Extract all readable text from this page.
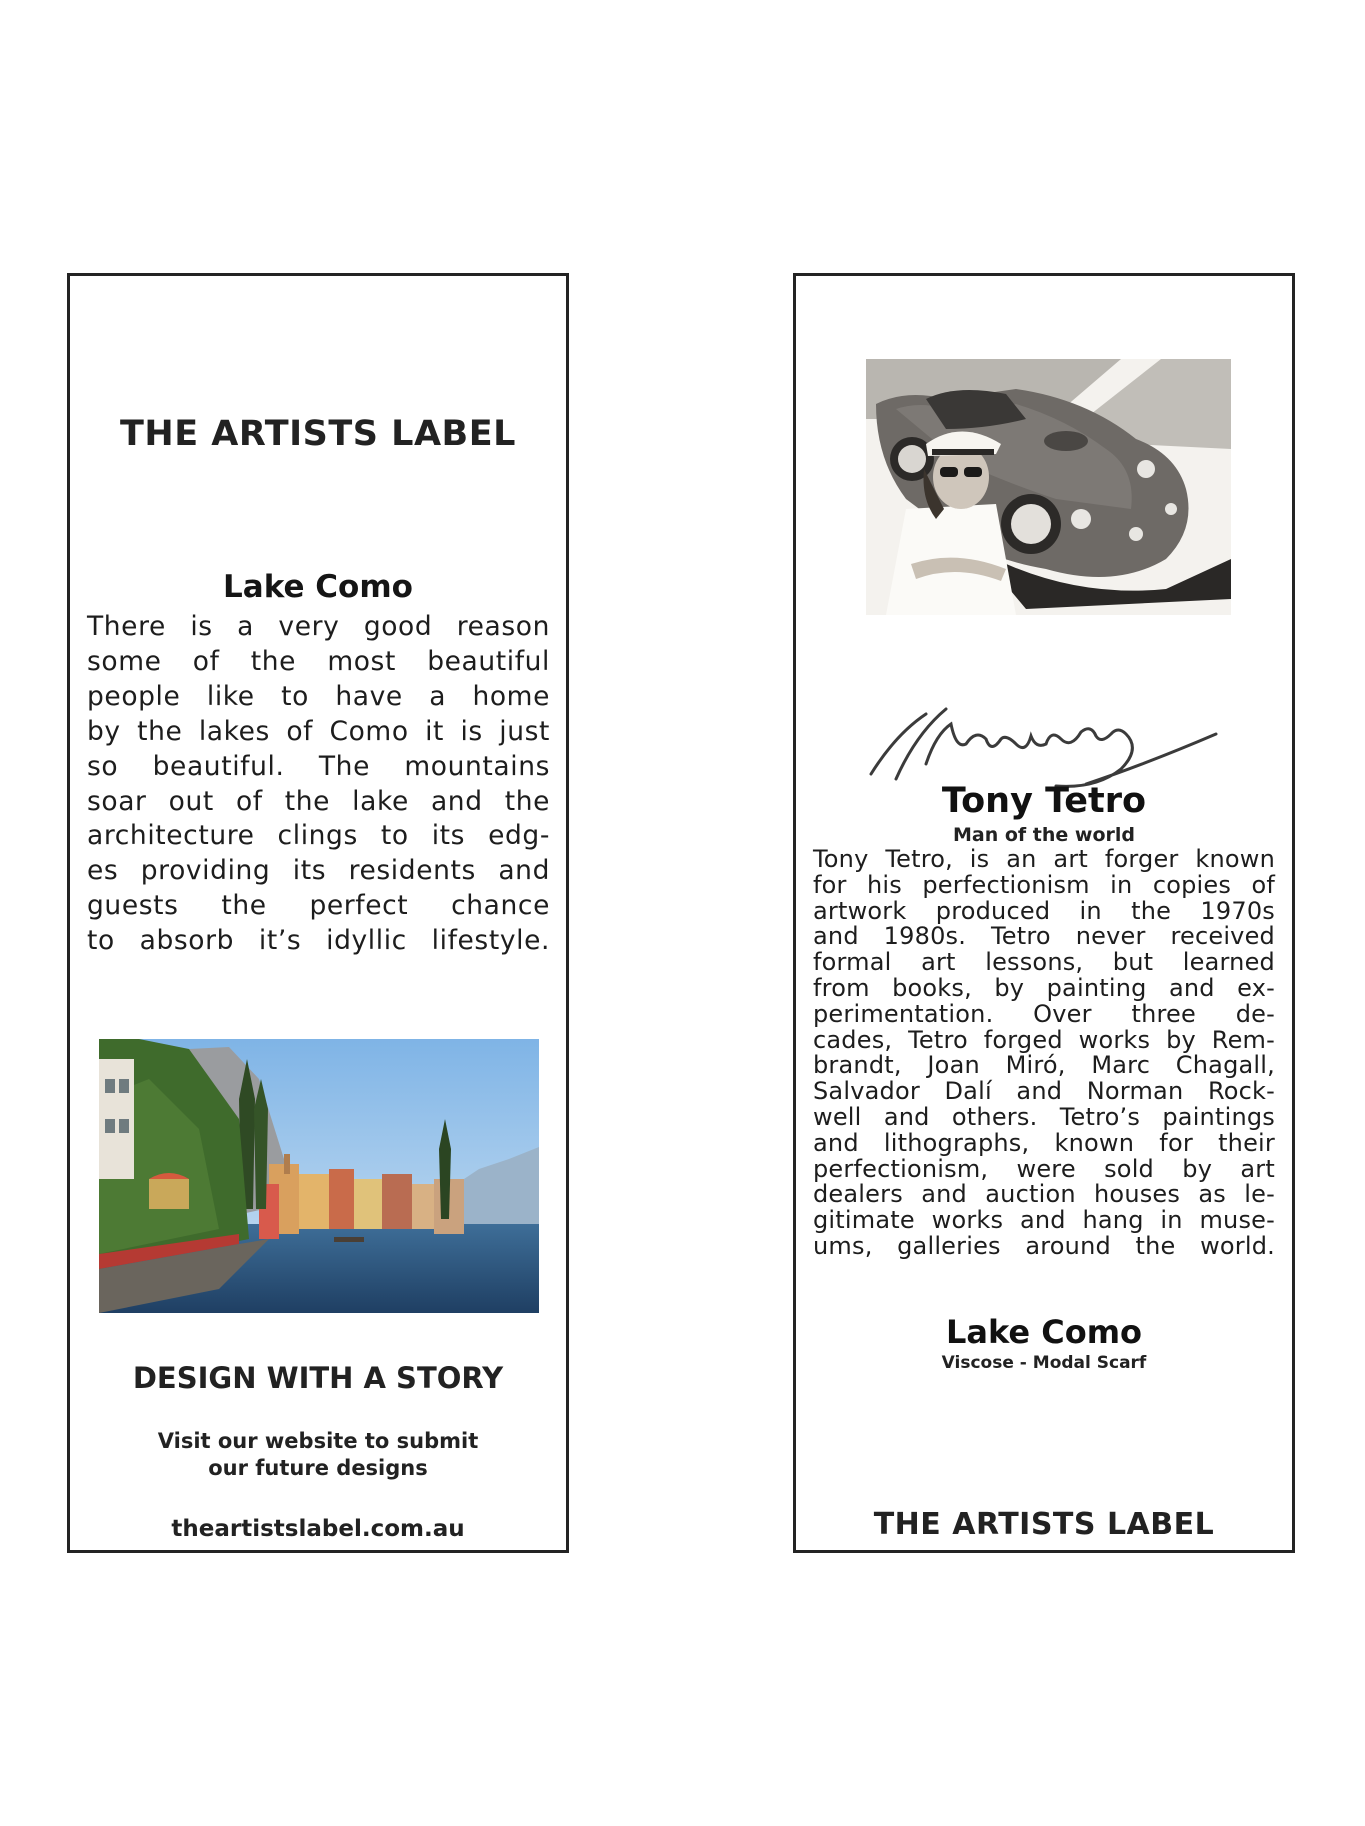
THE ARTISTS LABEL
Lake Como
There is a very good reason
some of the most beautiful
people like to have a home
by the lakes of Como it is just
so beautiful. The mountains
soar out of the lake and the
architecture clings to its edg-
es providing its residents and
guests the perfect chance
to absorb it’s idyllic lifestyle.
DESIGN WITH A STORY
Visit our website to submit
our future designs
theartistslabel.com.au
Tony Tetro
Man of the world
Tony Tetro, is an art forger known
for his perfectionism in copies of
artwork produced in the 1970s
and 1980s. Tetro never received
formal art lessons, but learned
from books, by painting and ex-
perimentation. Over three de-
cades, Tetro forged works by Rem-
brandt, Joan Miró, Marc Chagall,
Salvador Dalí and Norman Rock-
well and others. Tetro’s paintings
and lithographs, known for their
perfectionism, were sold by art
dealers and auction houses as le-
gitimate works and hang in muse-
ums, galleries around the world.
Lake Como
Viscose - Modal Scarf
THE ARTISTS LABEL
